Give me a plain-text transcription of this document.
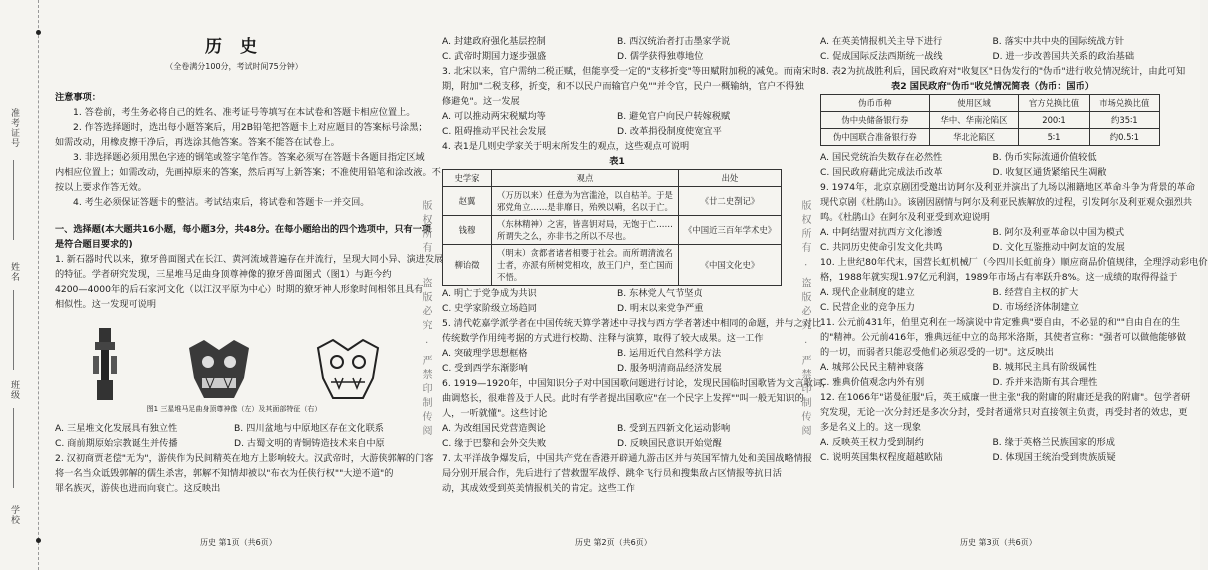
准考证号
姓名
班级
学校
历 史
（全卷满分100分，考试时间75分钟）
注意事项：
1. 答卷前，考生务必将自己的姓名、准考证号等填写在本试卷和答题卡相应位置上。
2. 作答选择题时，选出每小题答案后，用2B铅笔把答题卡上对应题目的答案标号涂黑；
如需改动，用橡皮擦干净后，再选涂其他答案。答案不能答在试卷上。
3. 非选择题必须用黑色字迹的钢笔或签字笔作答。答案必须写在答题卡各题目指定区域
内相应位置上；如需改动，先画掉原来的答案，然后再写上新答案；不准使用铅笔和涂改液。不
按以上要求作答无效。
4. 考生必须保证答题卡的整洁。考试结束后，将试卷和答题卡一并交回。
一、选择题(本大题共16小题，每小题3分，共48分。在每小题给出的四个选项中，只有一项
是符合题目要求的)
1. 新石器时代以来，獠牙兽面图式在长江、黄河流域普遍存在并流行，呈现大同小异、演进发展
的特征。学者研究发现，三星堆马足曲身顶尊神像的獠牙兽面图式（图1）与距今约
4200—4000年的后石家河文化（以江汉平原为中心）时期的獠牙神人形象时间相邻且具有
相似性。这一发现可说明
图1 三星堆马足曲身顶尊神像（左）及其面部特征（右）
A. 三星堆文化发展具有独立性	B. 四川盆地与中原地区存在文化联系
C. 商前期原始宗教诞生并传播	D. 古蜀文明的青铜铸造技术来自中原
2. 汉初商贾老偿"无为"，游侠作为民间精英在地方上影响较大。汉武帝时，大游侠郭解的门客
将一名当众诋毁郭解的儒生杀害，郭解不知情却被以"布衣为任侠行权""大逆不道"的
罪名族灭，游侠也进而向衰亡。这反映出
历史 第1页（共6页）
版权所有 · 盗版必究 · 严禁印制传阅
A. 封建政府强化基层控制	B. 西汉统治者打击墨家学说
C. 武帝时期国力逐步强盛	D. 儒学获得独尊地位
3. 北宋以来，官户需纳二税正赋，但能享受一定的"支移折变"等田赋附加税的减免。而南宋时
期，附加"二税支移，折变，和不以民户而输官户免""并令官，民户一概输纳，官户不得独
修避免"。这一发展
A. 可以推动两宋税赋均等	B. 避免官户向民户转嫁税赋
C. 阻碍推动平民社会发展	D. 改革捐役制度使宽宜平
4. 表1是几则史学家关于明末所发生的观点，这些观点可说明
表1
史学家	观点	出处
赵翼	（万历以来）任意为为宫滥沧，以自枯羊。于是邪党角立……是非靡日，殆殃以嗬，名以于亡。	《廿二史剳记》
钱穆	（东林精神）之害，皆喜钥对局，无饱于亡……所谓失之么，亦非书之所以不尽也。	《中国近三百年学术史》
柳诒徵	（明末）贪都者诸者相婴于社会。而所谓清流名士者，亦派有所树党相攻，放王门户，至亡国而不悟。	《中国文化史》
A. 明亡于党争成为共识	B. 东林党人气节坚贞
C. 史学家阶级立场趋同	D. 明末以来党争严重
5. 清代乾嘉学派学者在中国传统天算学著述中寻找与西方学者著述中相同的命题，并与之对比
传统数学作用纯考据的方式进行校勘、注释与演算，取得了较大成果。这一工作
A. 突破理学思想框格	B. 运用近代自然科学方法
C. 受到西学东渐影响	D. 服务明清商品经济发展
6. 1919—1920年，中国知识分子对中国国歌问题进行讨论，发现民国临时国歌皆为文言歌词，
曲调悠长，很难普及于人民。此时有学者提出国歌应"在一个民字上发挥""叫一般无知识的
人，一听就懂"。这些讨论
A. 为改组国民党营造舆论	B. 受到五四新文化运动影响
C. 缘于巴黎和会外交失败	D. 反映国民意识开始觉醒
7. 太平洋战争爆发后，中国共产党在香港开辟通九游击区并与英国军情九处和美国战略情报
局分别开展合作，先后进行了营救盟军战俘、跳伞飞行员和搜集敌占区情报等抗日活
动，其成效受到英美情报机关的肯定。这些工作
历史 第2页（共6页）
版权所有 · 盗版必究 · 严禁印制传阅
A. 在英美情报机关主导下进行	B. 落实中共中央的国际统战方针
C. 促成国际反法西斯统一战线	D. 进一步改善国共关系的政治基础
8. 表2为抗战胜利后，国民政府对"收复区"日伪发行的"伪币"进行收兑情况统计，由此可知
表2 国民政府"伪币"收兑情况简表（伪币：国币）
伪币币种	使用区域	官方兑换比值	市场兑换比值
伪中央储备银行券	华中、华南沦陷区	200∶1	约35∶1
伪中国联合准备银行券	华北沦陷区	5∶1	约0.5∶1
A. 国民党统治失数存在必然性	B. 伪币实际流通价值较低
C. 国民政府藉此完成法币改革	D. 收复区通货紧缩民生凋敝
9. 1974年，北京京剧团受邀出访阿尔及利亚并演出了九场以湘籍地区革命斗争为背景的革命
现代京剧《杜鹃山》。该剧因剧情与阿尔及利亚民族解放的过程，引发阿尔及利亚观众强烈共
鸣。《杜鹃山》在阿尔及利亚受到欢迎说明
A. 中阿结盟对抗西方文化渗透	B. 阿尔及利亚革命以中国为模式
C. 共同历史使命引发文化共鸣	D. 文化互鉴推动中阿友谊的发展
10. 上世纪80年代末，国营长虹机械厂（今四川长虹前身）顺应商品价值规律，全理浮动彩电价
格，1988年就实现1.97亿元利润，1989年市场占有率跃升8%。这一成绩的取得得益于
A. 现代企业制度的建立	B. 经营自主权的扩大
C. 民营企业的竞争压力	D. 市场经济体制建立
11. 公元前431年，伯里克利在一场演说中肯定雅典"要自由，不必显的和""自由自在的生
的"精神。公元前416年，雅典远征中立的岛邦米洛斯，其使者宣称："强者可以做他能够做
的一切，而弱者只能忍受他们必须忍受的一切"。这反映出
A. 城邦公民民主精神衰落	B. 城邦民主具有阶级属性
C. 雅典价值观念内外有别	D. 乔并来浩斯有其合理性
12. 在1066年"诺曼征服"后，英王威廉一世主张"我的附庸的附庸还是我的附庸"。包学者研
究发现，无论一次分封还是多次分封，受封者通常只对直接领主负责，再受封者的效忠，更
多是名义上的。这一现象
A. 反映英王权力受到制约	B. 缘于英格兰民族国家的形成
C. 说明英国集权程度超越欧陆	D. 体现国王统治受到贵族质疑
历史 第3页（共6页）
